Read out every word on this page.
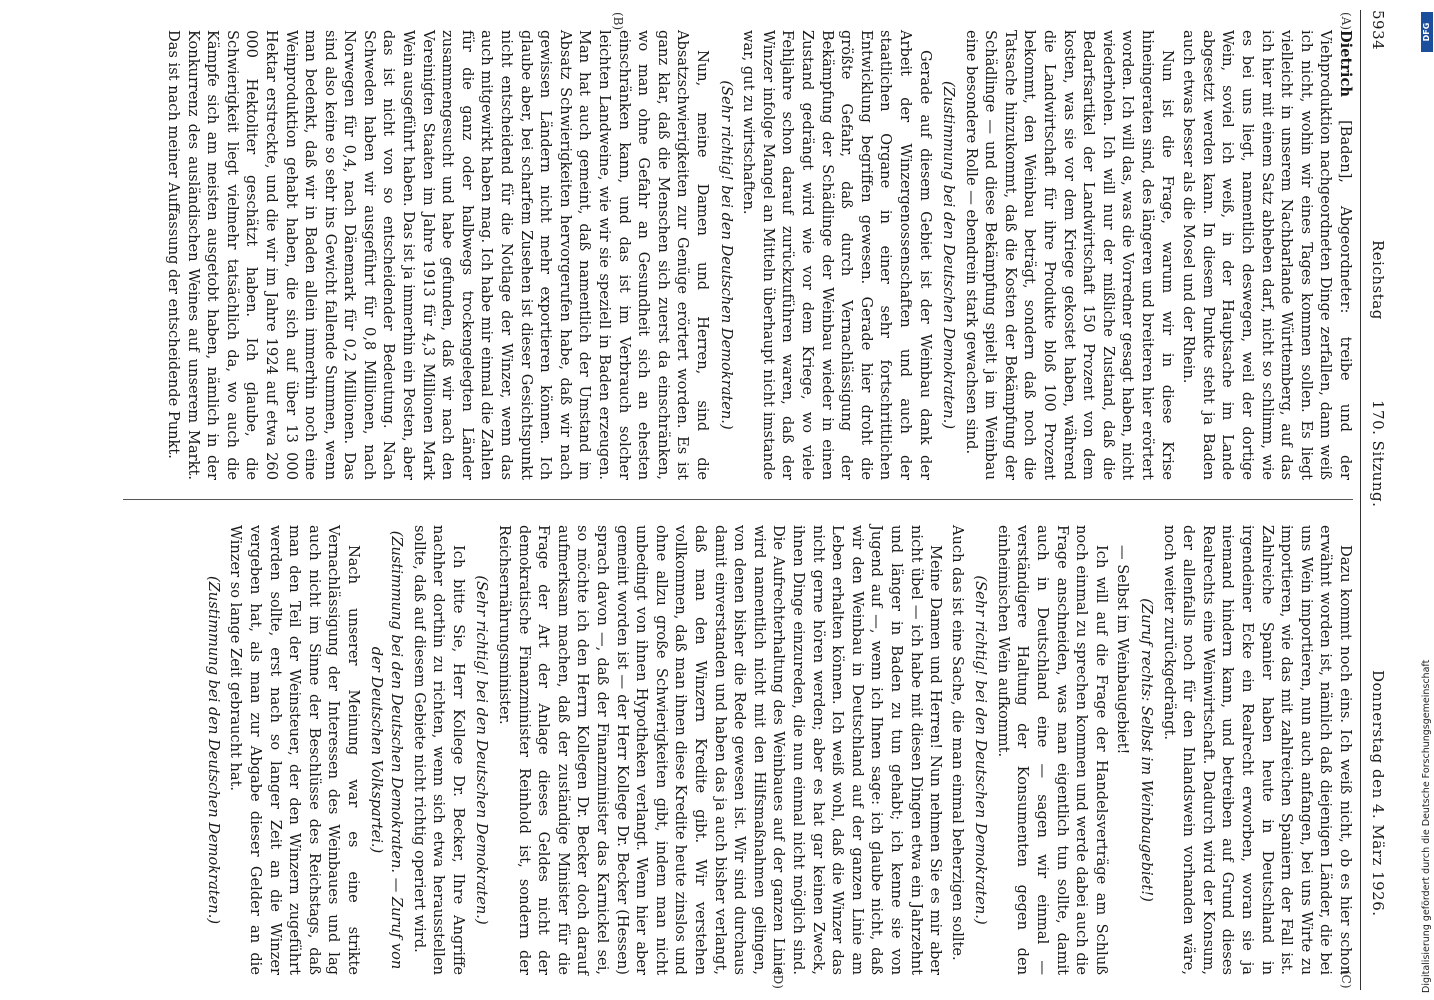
5934
Reichstag
170. Sitzung.
Donnerstag den 4. März 1926.
(A)
(B)
(C)
(D)

Dietrich [Baden], Abgeordneter: treibe und der Viehproduktion nachgeordneten Dinge zerfallen, dann weiß ich nicht, wohin wir eines Tages kommen sollen. Es liegt vielleicht in unserem Nachbarlande Württemberg, auf das ich hier mit einem Satz abheben darf, nicht so schlimm, wie es bei uns liegt, namentlich deswegen, weil der dortige Wein, soviel ich weiß, in der Hauptsache im Lande abgesetzt werden kann. In diesem Punkte steht ja Baden auch etwas besser als die Mosel und der Rhein.

Nun ist die Frage, warum wir in diese Krise hineingeraten sind, des längeren und breiteren hier erörtert worden. Ich will das, was die Vorredner gesagt haben, nicht wiederholen. Ich will nur der mißliche Zustand, daß die Bedarfsartikel der Landwirtschaft 150 Prozent von dem kosten, was sie vor dem Kriege gekostet haben, während die Landwirtschaft für ihre Produkte bloß 100 Prozent bekommt, den Weinbau beträgt, sondern daß noch die Tatsache hinzukommt, daß die Kosten der Bekämpfung der Schädlinge — und diese Bekämpfung spielt ja im Weinbau eine besondere Rolle — ebendrein stark gewachsen sind.

(Zustimmung bei den Deutschen Demokraten.)

Gerade auf diesem Gebiet ist der Weinbau dank der Arbeit der Winzergenossenschaften und auch der staatlichen Organe in einer sehr fortschrittlichen Entwicklung begriffen gewesen. Gerade hier droht die größte Gefahr, daß durch Vernachlässigung der Bekämpfung der Schädlinge der Weinbau wieder in einen Zustand gedrängt wird wie vor dem Kriege, wo viele Fehljahre schon darauf zurückzuführen waren, daß der Winzer infolge Mangel an Mitteln überhaupt nicht imstande war, gut zu wirtschaften.

(Sehr richtig! bei den Deutschen Demokraten.)

Nun, meine Damen und Herren, sind die Absatzschwierigkeiten zur Genüge erörtert worden. Es ist ganz klar, daß die Menschen sich zuerst da einschränken, wo man ohne Gefahr an Gesundheit sich an ehesten einschränken kann, und das ist im Verbrauch solcher leichten Landweine, wie wir sie speziell in Baden erzeugen. Man hat auch gemeint, daß namentlich der Umstand im Absatz Schwierigkeiten hervorgerufen habe, daß wir nach gewissen Ländern nicht mehr exportieren können. Ich glaube aber, bei scharfem Zusehen ist dieser Gesichtspunkt nicht entscheidend für die Notlage der Winzer, wenn das auch mitgewirkt haben mag. Ich habe mir einmal die Zahlen für die ganz oder halbwegs trockengelegten Länder zusammengesucht und habe gefunden, daß wir nach den Vereinigten Staaten im Jahre 1913 für 4,3 Millionen Mark Wein ausgeführt haben. Das ist ja immerhin ein Posten, aber das ist nicht von so entscheidender Bedeutung. Nach Schweden haben wir ausgeführt für 0,8 Millionen, nach Norwegen für 0,4, nach Dänemark für 0,2 Millionen. Das sind also keine so sehr ins Gewicht fallende Summen, wenn man bedenkt, daß wir in Baden allein immerhin noch eine Weinproduktion gehabt haben, die sich auf über 13 000 Hektar erstreckte, und die wir im Jahre 1924 auf etwa 260 000 Hektoliter geschätzt haben. Ich glaube, die Schwierigkeit liegt vielmehr tatsächlich da, wo auch die Kämpfe sich am meisten ausgetobt haben, nämlich in der Konkurrenz des ausländischen Weines auf unserem Markt. Das ist nach meiner Auffassung der entscheidende Punkt.

Dazu kommt noch eins. Ich weiß nicht, ob es hier schon erwähnt worden ist, nämlich daß diejenigen Länder, die bei uns Wein importieren, nun auch anfangen, bei uns Wirte zu importieren, wie das mit zahlreichen Spaniern der Fall ist. Zahlreiche Spanier haben heute in Deutschland in irgendeiner Ecke ein Realrecht erworben, woran sie ja niemand hindern kann, und betreiben auf Grund dieses Realrechts eine Weinwirtschaft. Dadurch wird der Konsum, der allenfalls noch für den Inlandswein vorhanden wäre, noch weiter zurückgedrängt.

(Zuruf rechts: Selbst im Weinbaugebiet!)

— Selbst im Weinbaugebiet!

Ich will auf die Frage der Handelsverträge am Schluß noch einmal zu sprechen kommen und werde dabei auch die Frage anschneiden, was man eigentlich tun sollte, damit auch in Deutschland eine — sagen wir einmal — verständigere Haltung der Konsumenten gegen den einheimischen Wein aufkommt.

(Sehr richtig! bei den Deutschen Demokraten.)

Auch das ist eine Sache, die man einmal beherzigen sollte.

Meine Damen und Herren! Nun nehmen Sie es mir aber nicht übel — ich habe mit diesen Dingen etwa ein Jahrzehnt und länger in Baden zu tun gehabt; ich kenne sie von Jugend auf —, wenn ich Ihnen sage: ich glaube nicht, daß wir den Weinbau in Deutschland auf der ganzen Linie am Leben erhalten können. Ich weiß wohl, daß die Winzer das nicht gerne hören werden; aber es hat gar keinen Zweck, ihnen Dinge einzureden, die nun einmal nicht möglich sind. Die Aufrechterhaltung des Weinbaues auf der ganzen Linie wird namentlich nicht mit den Hilfsmaßnahmen gelingen, von denen bisher die Rede gewesen ist. Wir sind durchaus damit einverstanden und haben das ja auch bisher verlangt, daß man den Winzern Kredite gibt. Wir verstehen vollkommen, daß man ihnen diese Kredite heute zinslos und ohne allzu große Schwierigkeiten gibt, indem man nicht unbedingt von ihnen Hypotheken verlangt. Wenn hier aber gemeint worden ist — der Herr Kollege Dr. Becker (Hessen) sprach davon —, daß der Finanzminister das Karnickel sei, so möchte ich den Herrn Kollegen Dr. Becker doch darauf aufmerksam machen, daß der zuständige Minister für die Frage der Art der Anlage dieses Geldes nicht der demokratische Finanzminister Reinhold ist, sondern der Reichsernährungsminister.

(Sehr richtig! bei den Deutschen Demokraten.)

Ich bitte Sie, Herr Kollege Dr. Becker, Ihre Angriffe nachher dorthin zu richten, wenn sich etwa herausstellen sollte, daß auf diesem Gebiete nicht richtig operiert wird.

(Zustimmung bei den Deutschen Demokraten. — Zuruf von der Deutschen Volkspartei.)

Nach unserer Meinung war es eine strikte Vernachlässigung der Interessen des Weinbaues und lag auch nicht im Sinne der Beschlüsse des Reichstags, daß man den Teil der Weinsteuer, der den Winzern zugeführt werden sollte, erst nach so langer Zeit an die Winzer vergeben hat, als man zur Abgabe dieser Gelder an die Winzer so lange Zeit gebraucht hat.

(Zustimmung bei den Deutschen Demokraten.)

DFG
Digitalisierung gefördert durch die Deutsche Forschungsgemeinschaft
